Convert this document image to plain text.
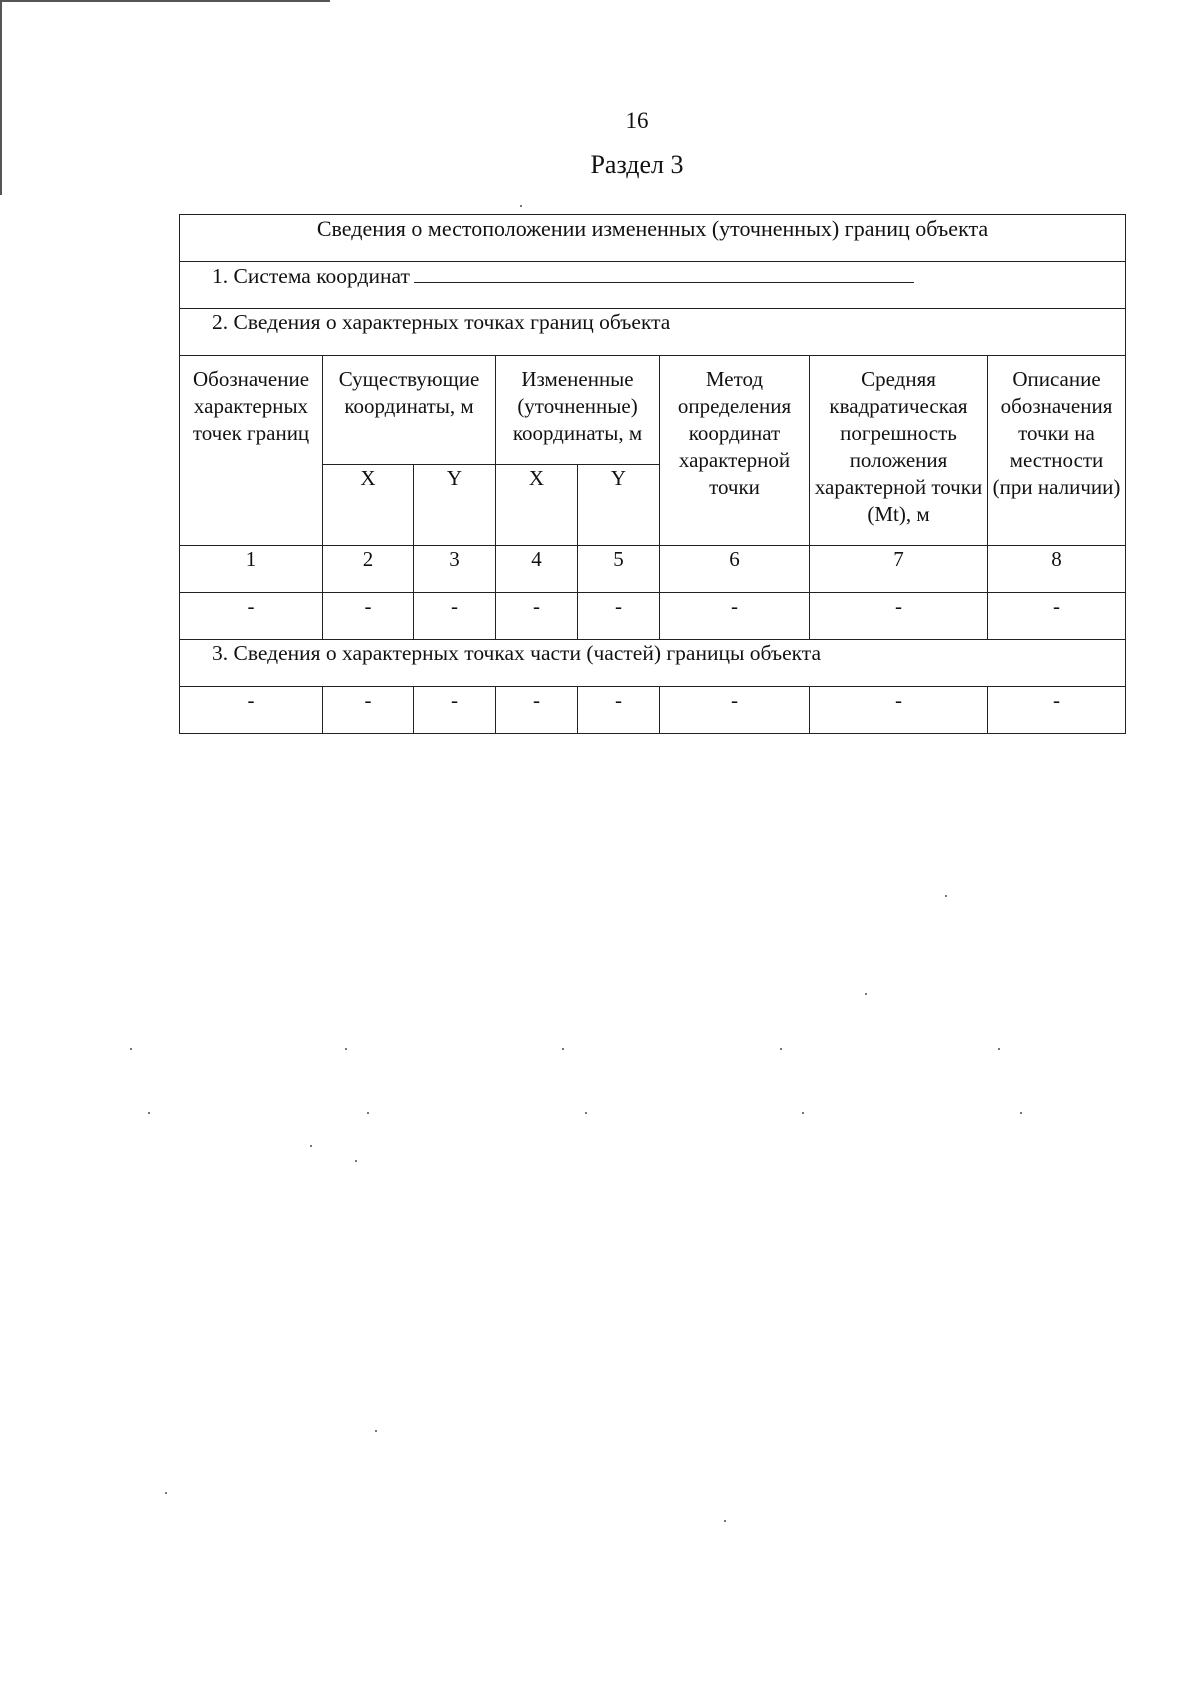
16
Раздел 3
Сведения о местоположении измененных (уточненных) границ объекта							
1. Система координат							
2. Сведения о характерных точках границ объекта							
Обозначение характерных точек границ	Существующие координаты, м		Измененные (уточненные) координаты, м		Метод определения координат характерной точки	Средняя квадратическая погрешность положения характерной точки (Mt), м	Описание обозначения точки на местности (при наличии)
	X	Y	X	Y			
1	2	3	4	5	6	7	8
-	-	-	-	-	-	-	-
3. Сведения о характерных точках части (частей) границы объекта							
-	-	-	-	-	-	-	-
